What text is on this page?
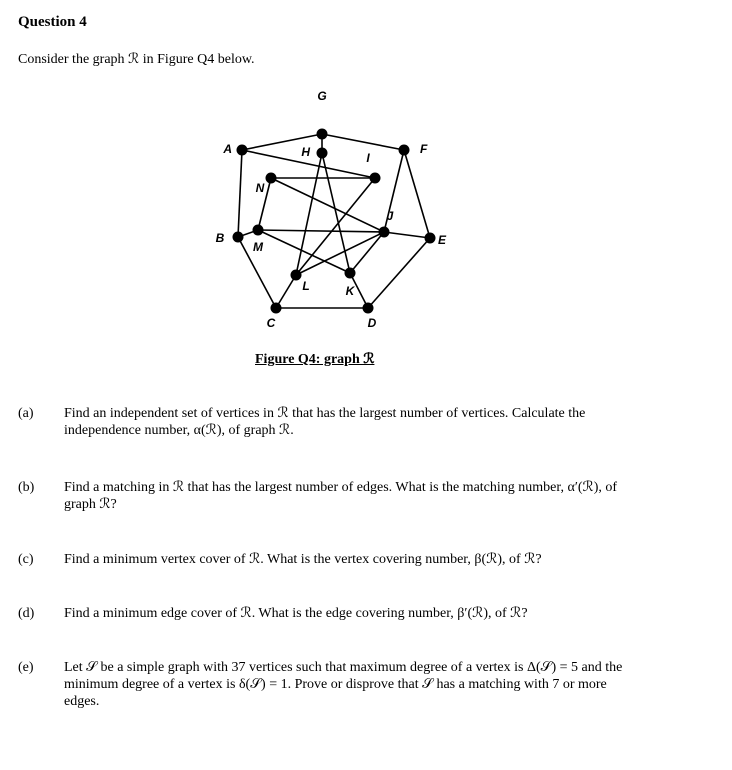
Question 4
Consider the graph ℛ in Figure Q4 below.
G
A	F
H	I
N
J
B	E
M
L	K
C	D
Figure Q4: graph ℛ
(a)	Find an independent set of vertices in ℛ that has the largest number of vertices. Calculate the independence number, α(ℛ), of graph ℛ.
(b)	Find a matching in ℛ that has the largest number of edges. What is the matching number, α′(ℛ), of graph ℛ?
(c)	Find a minimum vertex cover of ℛ. What is the vertex covering number, β(ℛ), of ℛ?
(d)	Find a minimum edge cover of ℛ. What is the edge covering number, β′(ℛ), of ℛ?
(e)	Let 𝒮 be a simple graph with 37 vertices such that maximum degree of a vertex is Δ(𝒮) = 5 and the minimum degree of a vertex is δ(𝒮) = 1. Prove or disprove that 𝒮 has a matching with 7 or more edges.
